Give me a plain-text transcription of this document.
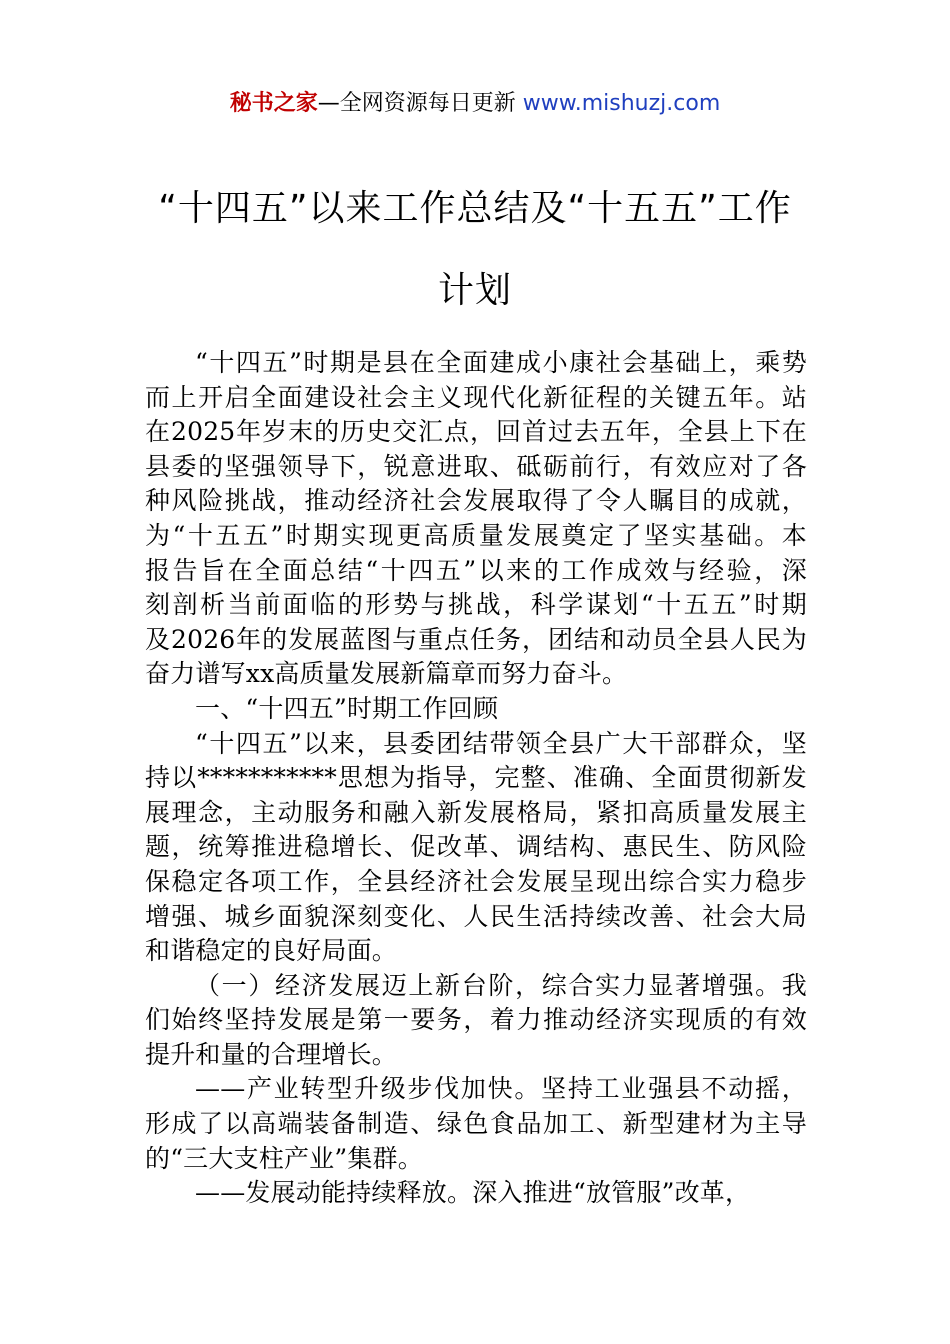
秘书之家—全网资源每日更新 www.mishuzj.com
“十四五”以来工作总结及“十五五”工作
计划
“十四五”时期是县在全面建成小康社会基础上，乘势
而上开启全面建设社会主义现代化新征程的关键五年。站
在2025年岁末的历史交汇点，回首过去五年，全县上下在
县委的坚强领导下，锐意进取、砥砺前行，有效应对了各
种风险挑战，推动经济社会发展取得了令人瞩目的成就，
为“十五五”时期实现更高质量发展奠定了坚实基础。本
报告旨在全面总结“十四五”以来的工作成效与经验，深
刻剖析当前面临的形势与挑战，科学谋划“十五五”时期
及2026年的发展蓝图与重点任务，团结和动员全县人民为
奋力谱写xx高质量发展新篇章而努力奋斗。
一、“十四五”时期工作回顾
“十四五”以来，县委团结带领全县广大干部群众，坚
持以***********思想为指导，完整、准确、全面贯彻新发
展理念，主动服务和融入新发展格局，紧扣高质量发展主
题，统筹推进稳增长、促改革、调结构、惠民生、防风险
保稳定各项工作，全县经济社会发展呈现出综合实力稳步
增强、城乡面貌深刻变化、人民生活持续改善、社会大局
和谐稳定的良好局面。
（一）经济发展迈上新台阶，综合实力显著增强。我
们始终坚持发展是第一要务，着力推动经济实现质的有效
提升和量的合理增长。
——产业转型升级步伐加快。坚持工业强县不动摇，
形成了以高端装备制造、绿色食品加工、新型建材为主导
的“三大支柱产业”集群。
——发展动能持续释放。深入推进“放管服”改革，
